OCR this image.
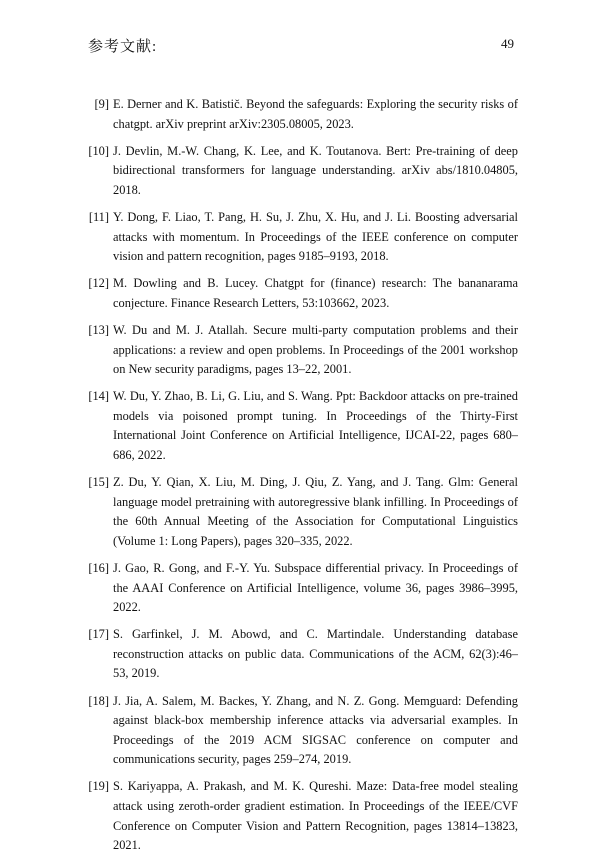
参考文献:	49
[9] E. Derner and K. Batistič. Beyond the safeguards: Exploring the security risks of chatgpt. arXiv preprint arXiv:2305.08005, 2023.
[10] J. Devlin, M.-W. Chang, K. Lee, and K. Toutanova. Bert: Pre-training of deep bidirectional transformers for language understanding. arXiv abs/1810.04805, 2018.
[11] Y. Dong, F. Liao, T. Pang, H. Su, J. Zhu, X. Hu, and J. Li. Boosting adversarial attacks with momentum. In Proceedings of the IEEE conference on computer vision and pattern recognition, pages 9185–9193, 2018.
[12] M. Dowling and B. Lucey. Chatgpt for (finance) research: The bananarama conjecture. Finance Research Letters, 53:103662, 2023.
[13] W. Du and M. J. Atallah. Secure multi-party computation problems and their applications: a review and open problems. In Proceedings of the 2001 workshop on New security paradigms, pages 13–22, 2001.
[14] W. Du, Y. Zhao, B. Li, G. Liu, and S. Wang. Ppt: Backdoor attacks on pre-trained models via poisoned prompt tuning. In Proceedings of the Thirty-First International Joint Conference on Artificial Intelligence, IJCAI-22, pages 680–686, 2022.
[15] Z. Du, Y. Qian, X. Liu, M. Ding, J. Qiu, Z. Yang, and J. Tang. Glm: General language model pretraining with autoregressive blank infilling. In Proceedings of the 60th Annual Meeting of the Association for Computational Linguistics (Volume 1: Long Papers), pages 320–335, 2022.
[16] J. Gao, R. Gong, and F.-Y. Yu. Subspace differential privacy. In Proceedings of the AAAI Conference on Artificial Intelligence, volume 36, pages 3986–3995, 2022.
[17] S. Garfinkel, J. M. Abowd, and C. Martindale. Understanding database reconstruction attacks on public data. Communications of the ACM, 62(3):46–53, 2019.
[18] J. Jia, A. Salem, M. Backes, Y. Zhang, and N. Z. Gong. Memguard: Defending against black-box membership inference attacks via adversarial examples. In Proceedings of the 2019 ACM SIGSAC conference on computer and communications security, pages 259–274, 2019.
[19] S. Kariyappa, A. Prakash, and M. K. Qureshi. Maze: Data-free model stealing attack using zeroth-order gradient estimation. In Proceedings of the IEEE/CVF Conference on Computer Vision and Pattern Recognition, pages 13814–13823, 2021.
